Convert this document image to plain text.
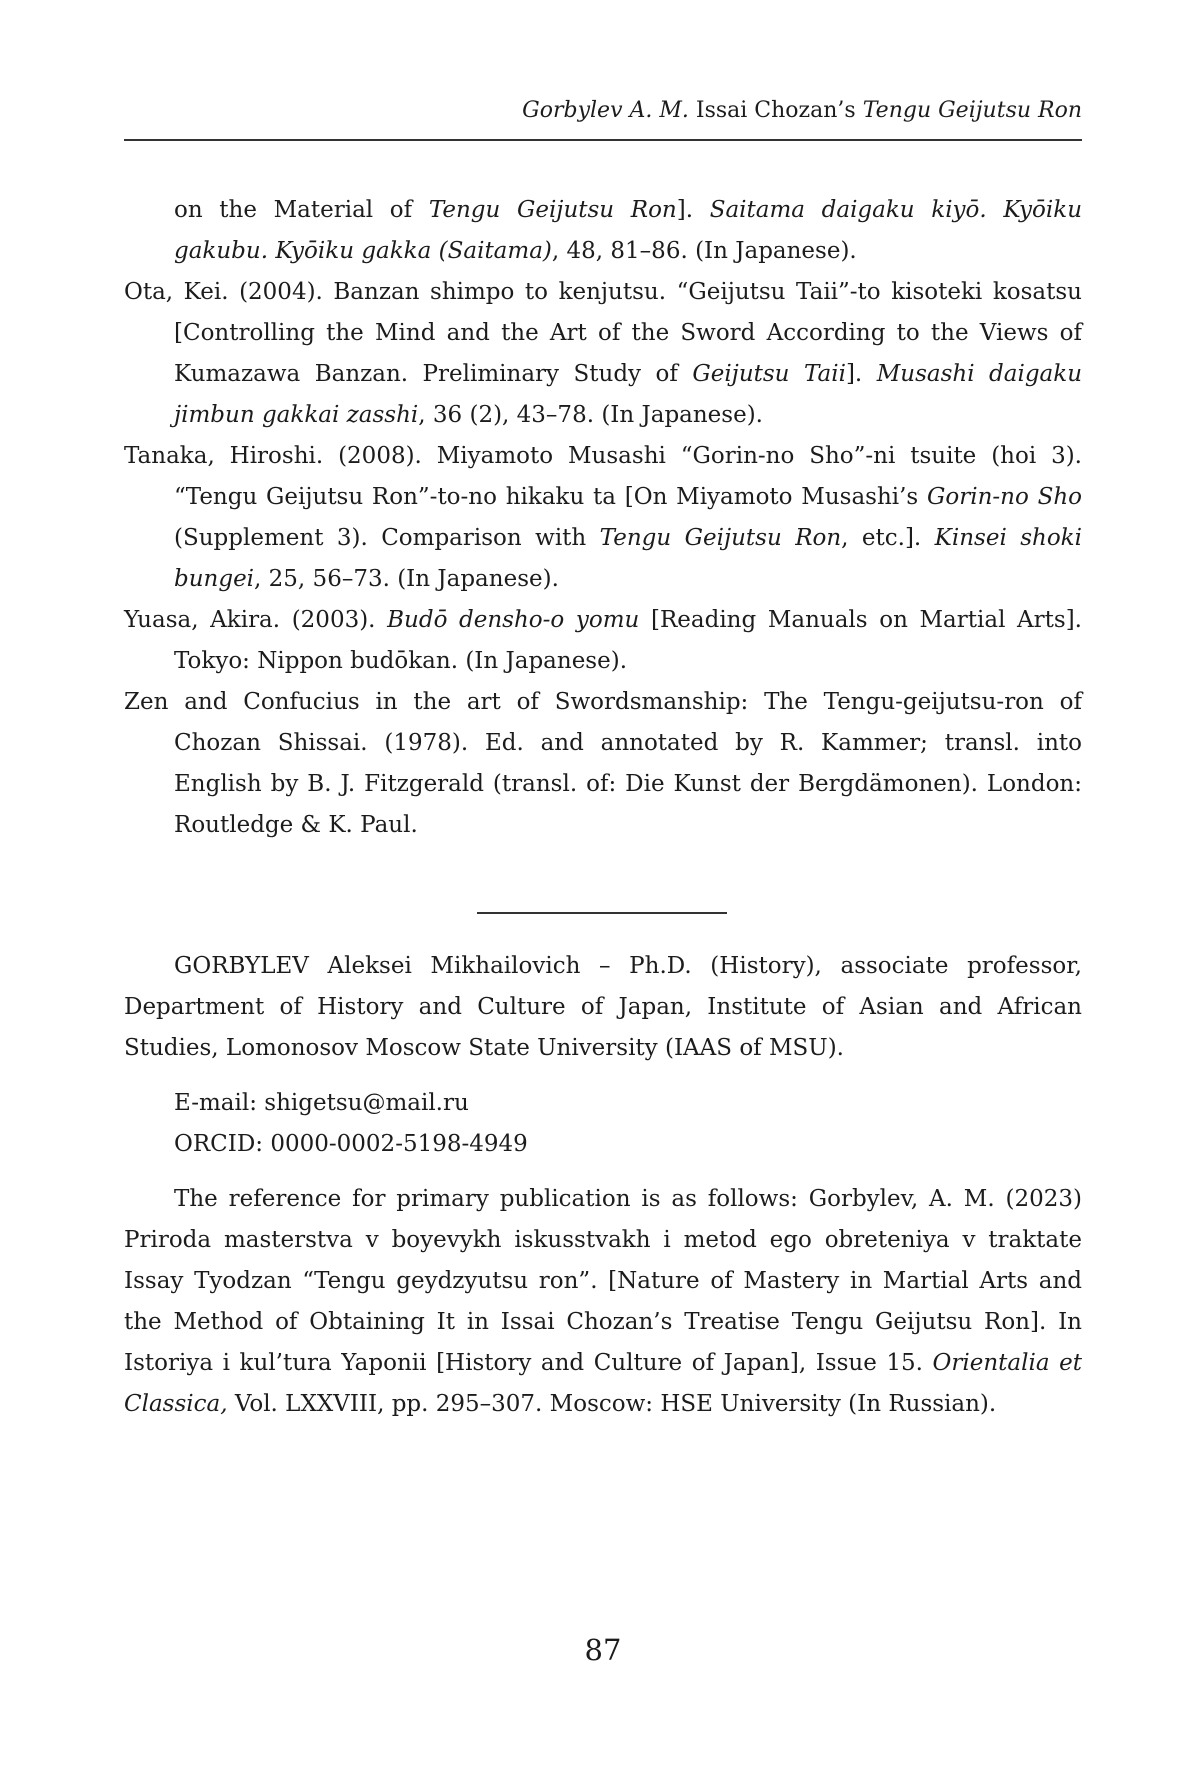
Gorbylev A. M. Issai Chozan’s Tengu Geijutsu Ron

on the Material of Tengu Geijutsu Ron]. Saitama daigaku kiyō. Kyōiku gakubu. Kyōiku gakka (Saitama), 48, 81–86. (In Japanese).

Ota, Kei. (2004). Banzan shimpo to kenjutsu. “Geijutsu Taii”-to kisoteki kosatsu [Controlling the Mind and the Art of the Sword According to the Views of Kumazawa Banzan. Preliminary Study of Geijutsu Taii]. Musashi daigaku jimbun gakkai zasshi, 36 (2), 43–78. (In Japanese).

Tanaka, Hiroshi. (2008). Miyamoto Musashi “Gorin-no Sho”-ni tsuite (hoi 3). “Tengu Geijutsu Ron”-to-no hikaku ta [On Miyamoto Musashi’s Gorin-no Sho (Supplement 3). Comparison with Tengu Geijutsu Ron, etc.]. Kinsei shoki bungei, 25, 56–73. (In Japanese).

Yuasa, Akira. (2003). Budō densho-o yomu [Reading Manuals on Martial Arts]. Tokyo: Nippon budōkan. (In Japanese).

Zen and Confucius in the art of Swordsmanship: The Tengu-geijutsu-ron of Chozan Shissai. (1978). Ed. and annotated by R. Kammer; transl. into English by B. J. Fitzgerald (transl. of: Die Kunst der Bergdämonen). London: Routledge & K. Paul.

GORBYLEV Aleksei Mikhailovich – Ph.D. (History), associate professor, Department of History and Culture of Japan, Institute of Asian and African Studies, Lomonosov Moscow State University (IAAS of MSU).

E-mail: shigetsu@mail.ru
ORCID: 0000-0002-5198-4949

The reference for primary publication is as follows: Gorbylev, A. M. (2023) Priroda masterstva v boyevykh iskusstvakh i metod ego obreteniya v traktate Issay Tyodzan “Tengu geydzyutsu ron”. [Nature of Mastery in Martial Arts and the Method of Obtaining It in Issai Chozan’s Treatise Tengu Geijutsu Ron]. In Istoriya i kul’tura Yaponii [History and Culture of Japan], Issue 15. Orientalia et Classica, Vol. LXXVIII, pp. 295–307. Moscow: HSE University (In Russian).

87
